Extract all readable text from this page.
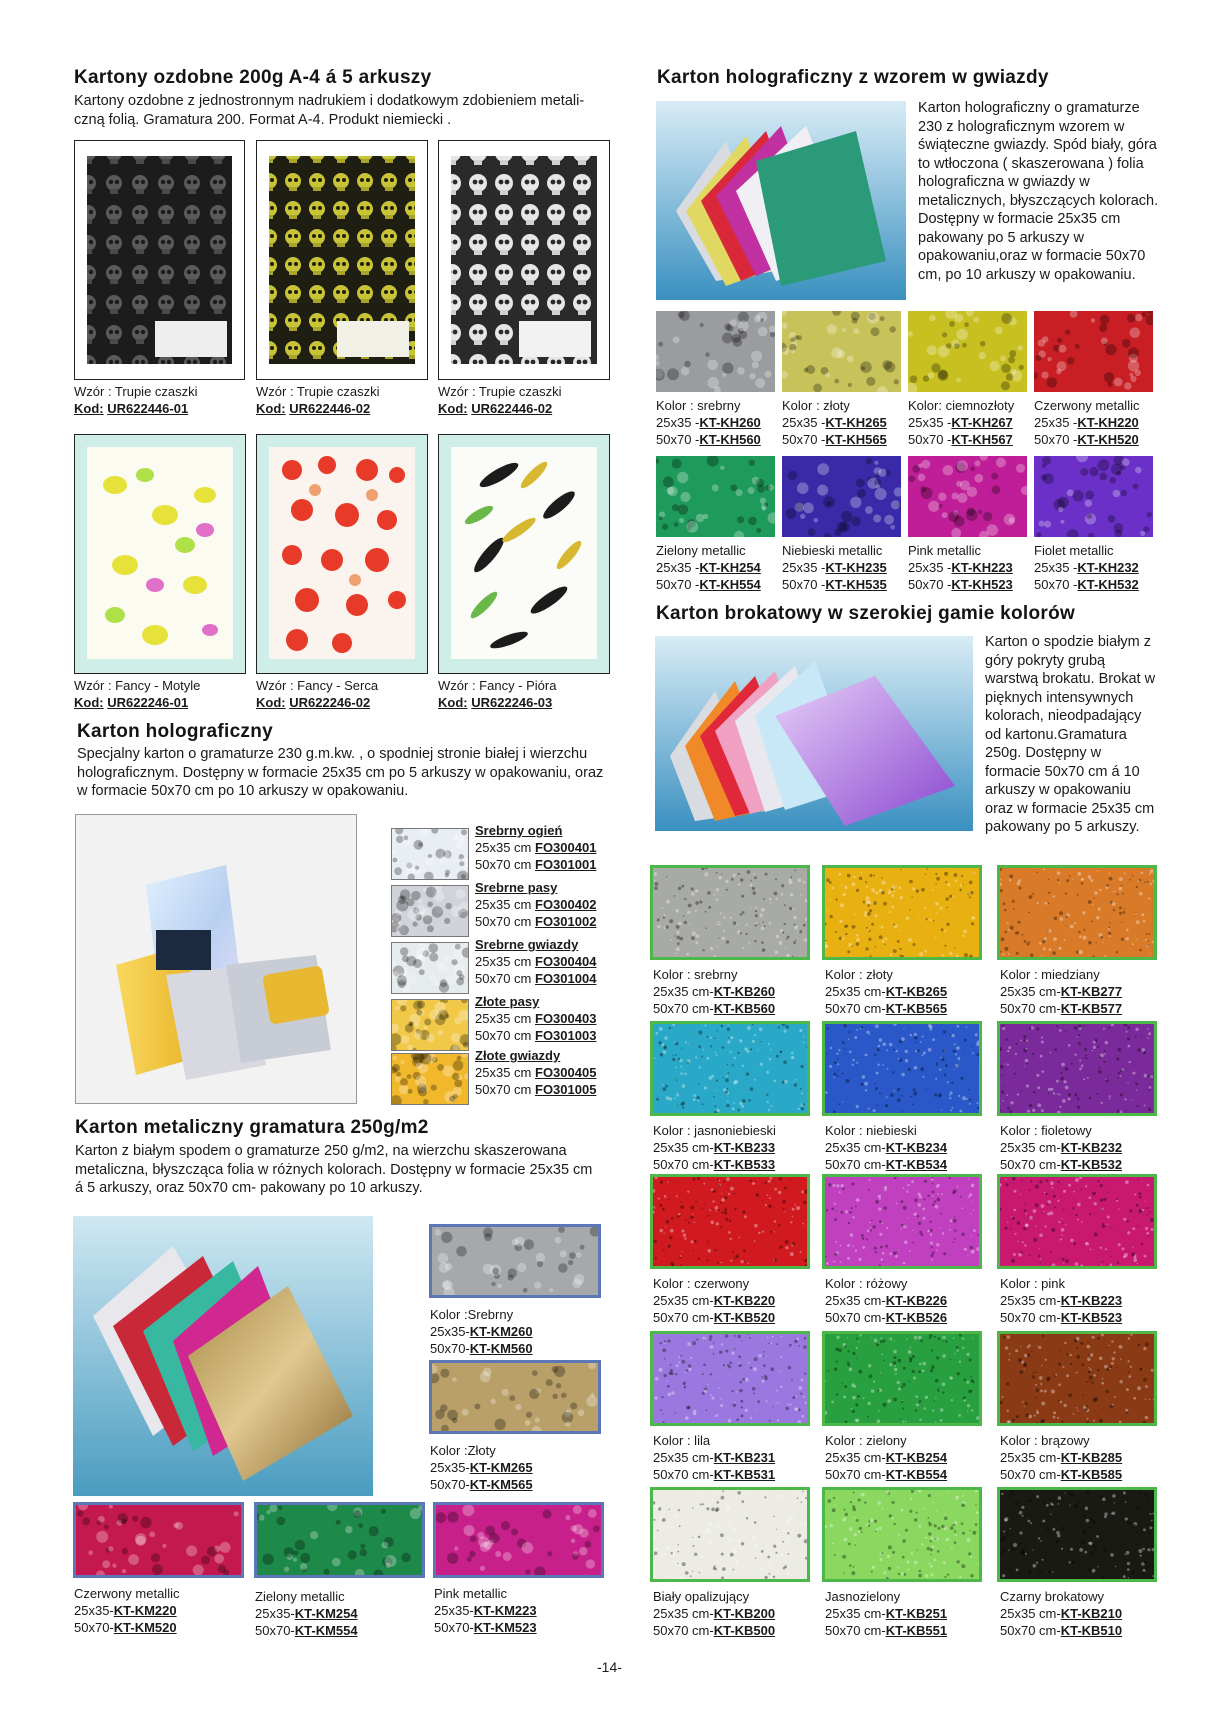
Kartony ozdobne 200g A-4 á 5 arkuszy
Kartony ozdobne z jednostronnym nadrukiem i dodatkowym zdobieniem metali-
czną folią. Gramatura 200. Format A-4. Produkt niemiecki .
Wzór : Trupie czaszki
Kod: UR622446-01
Wzór : Trupie czaszki
Kod: UR622446-02
Wzór : Trupie czaszki
Kod: UR622446-02
Wzór : Fancy - Motyle
Kod: UR622246-01
Wzór : Fancy - Serca
Kod: UR622246-02
Wzór : Fancy - Pióra
Kod: UR622246-03
Karton holograficzny
Specjalny karton o gramaturze 230 g.m.kw. , o spodniej stronie białej i wierzchu holograficznym. Dostępny w formacie 25x35 cm po 5 arkuszy w opakowaniu, oraz w formacie 50x70 cm po 10 arkuszy w opakowaniu.
Srebrny ogień
25x35 cm FO300401
50x70 cm FO301001
Srebrne pasy
25x35 cm FO300402
50x70 cm FO301002
Srebrne gwiazdy
25x35 cm FO300404
50x70 cm FO301004
Złote pasy
25x35 cm FO300403
50x70 cm FO301003
Złote gwiazdy
25x35 cm FO300405
50x70 cm FO301005
Karton metaliczny gramatura 250g/m2
Karton z białym spodem o gramaturze 250 g/m2, na wierzchu skaszerowana metaliczna, błyszcząca folia w różnych kolorach. Dostępny w formacie 25x35 cm á 5 arkuszy, oraz 50x70 cm- pakowany po 10 arkuszy.
Kolor :Srebrny
25x35-KT-KM260
50x70-KT-KM560
Kolor :Złoty
25x35-KT-KM265
50x70-KT-KM565
Czerwony metallic
25x35-KT-KM220
50x70-KT-KM520
Zielony metallic
25x35-KT-KM254
50x70-KT-KM554
Pink metallic
25x35-KT-KM223
50x70-KT-KM523
Karton holograficzny z wzorem w gwiazdy
Karton holograficzny o gramaturze 230 z holograficznym wzorem w świąteczne gwiazdy. Spód biały, góra to wtłoczona ( skaszerowana ) folia holograficzna w gwiazdy w metalicznych, błyszczących kolorach. Dostępny w formacie 25x35 cm pakowany po 5 arkuszy w opakowaniu,oraz w formacie 50x70 cm, po 10 arkuszy w opakowaniu.
Kolor : srebrny
25x35 -KT-KH260
50x70 -KT-KH560
Kolor : złoty
25x35 -KT-KH265
50x70 -KT-KH565
Kolor: ciemnozłoty
25x35 -KT-KH267
50x70 -KT-KH567
Czerwony metallic
25x35 -KT-KH220
50x70 -KT-KH520
Zielony metallic
25x35 -KT-KH254
50x70 -KT-KH554
Niebieski metallic
25x35 -KT-KH235
50x70 -KT-KH535
Pink metallic
25x35 -KT-KH223
50x70 -KT-KH523
Fiolet metallic
25x35 -KT-KH232
50x70 -KT-KH532
Karton brokatowy w szerokiej gamie kolorów
Karton o spodzie białym z góry pokryty grubą warstwą brokatu. Brokat w pięknych intensywnych kolorach, nieodpadający od kartonu.Gramatura 250g. Dostępny w formacie 50x70 cm á 10 arkuszy w opakowaniu oraz w formacie 25x35 cm pakowany po 5 arkuszy.
Kolor : srebrny
25x35 cm-KT-KB260
50x70 cm-KT-KB560
Kolor : złoty
25x35 cm-KT-KB265
50x70 cm-KT-KB565
Kolor : miedziany
25x35 cm-KT-KB277
50x70 cm-KT-KB577
Kolor : jasnoniebieski
25x35 cm-KT-KB233
50x70 cm-KT-KB533
Kolor : niebieski
25x35 cm-KT-KB234
50x70 cm-KT-KB534
Kolor : fioletowy
25x35 cm-KT-KB232
50x70 cm-KT-KB532
Kolor : czerwony
25x35 cm-KT-KB220
50x70 cm-KT-KB520
Kolor : różowy
25x35 cm-KT-KB226
50x70 cm-KT-KB526
Kolor : pink
25x35 cm-KT-KB223
50x70 cm-KT-KB523
Kolor : lila
25x35 cm-KT-KB231
50x70 cm-KT-KB531
Kolor : zielony
25x35 cm-KT-KB254
50x70 cm-KT-KB554
Kolor : brązowy
25x35 cm-KT-KB285
50x70 cm-KT-KB585
Biały opalizujący
25x35 cm-KT-KB200
50x70 cm-KT-KB500
Jasnozielony
25x35 cm-KT-KB251
50x70 cm-KT-KB551
Czarny brokatowy
25x35 cm-KT-KB210
50x70 cm-KT-KB510
-14-
